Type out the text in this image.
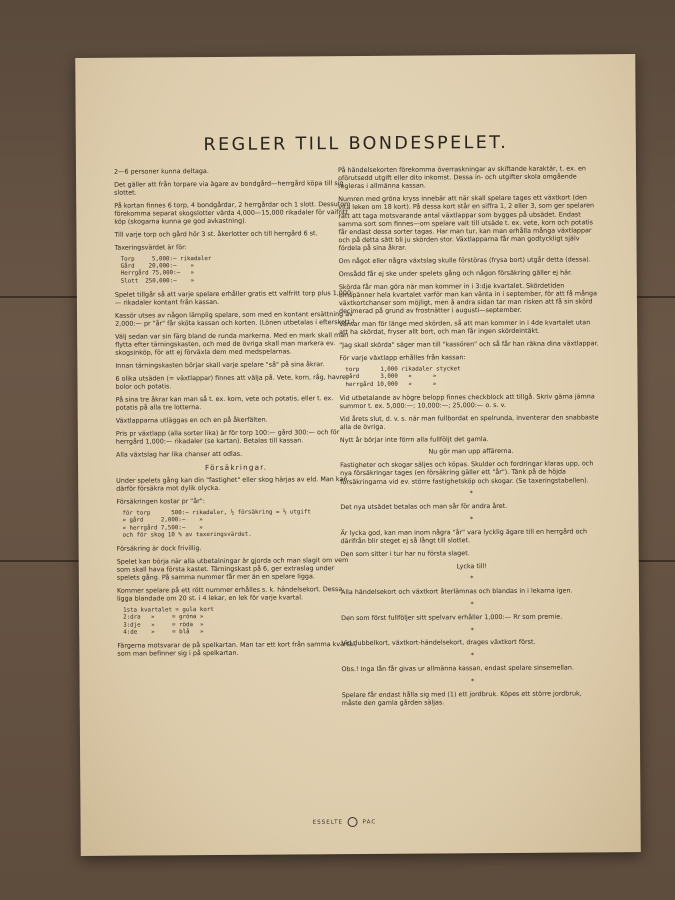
REGLER TILL BONDESPELET.

2—6 personer kunna deltaga.

Det gäller att från torpare via ägare av bondgård—herrgård köpa till sig slottet.

På kortan finnes 6 torp, 4 bondgårdar, 2 herrgårdar och 1 slott. Dessutom förekomma separat skogslotter värda 4,000—15,000 rikadaler för vaifritt köp (skogarna kunna ge god avkastning).

Till varje torp och gård hör 3 st. åkerlotter och till herrgård 6 st.

Taxeringsvärdet är för:

Torp     5,000:— rikadaler
Gård    20,000:—    »
Herrgård 75,000:—   »
Slott  250,000:—    »

Spelet tillgår så att varje spelare erhåller gratis ett valfritt torp plus 1,000:— rikadaler kontant från kassan.

Kassör utses av någon lämplig spelare, som med en kontant ersättning av 2,000:— pr "år" får sköta kassan och korten. (Lönen utbetalas i efterskott.)

Välj sedan var sin färg bland de runda markerna. Med en mark skall man flytta efter tärningskasten, och med de övriga skall man markera ev. skogsinköp, för att ej förväxla dem med medspelarnas.

Innan tärningskasten börjar skall varje spelare "så" på sina åkrar.

6 olika utsäden (= växtlappar) finnes att välja på. Vete, korn, råg, havre, bolor och potatis.

På sina tre åkrar kan man så t. ex. korn, vete och potatis, eller t. ex. potatis på alla tre lotterna.

Växtlapparna utläggas en och en på åkerfälten.

Pris pr växtlapp (alla sorter lika) är för torp 100:— gård 300:— och för herrgård 1,000:— rikadaler (se kartan). Betalas till kassan.

Alla växtslag har lika chanser att odlas.

Försäkringar.

Under spelets gång kan din "fastighet" eller skog härjas av eld. Man kan därför försäkra mot dylik olycka.

Försäkringen kostar pr "år":

för torp      500:— rikadaler, ½ försäkring = ⅓ utgift
» gård     2,000:—    »
» herrgård 7,500:—    »
och för skog 10 % av taxeringsvärdet.

Försäkring är dock frivillig.

Spelet kan börja när alla utbetalningar är gjorda och man slagit om vem som skall hava första kastet. Tärningskast på 6, ger extraslag under spelets gång. På samma nummer får mer än en spelare ligga.

Kommer spelare på ett rött nummer erhålles s. k. händelsekort. Dessa ligga blandade om 20 st. i 4 lekar, en lek för varje kvartal.

1sta kvartalet = gula kort
2:dra   »     = gröna »
3:dje   »     = röda  »
4:de    »     = blå   »

Färgerna motsvarar de på spelkartan. Man tar ett kort från samma kvartal, som man befinner sig i på spelkartan.

På händelsekorten förekomma överraskningar av skiftande karaktär, t. ex. en oförutsedd utgift eller dito inkomst. Dessa in- och utgifter skola omgående regleras i allmänna kassan.

Numren med gröna kryss innebär att när skall spelare tages ett växtkort (den vita leken om 18 kort). På dessa kort står en siffra 1, 2 eller 3, som ger spelaren rätt att taga motsvarande antal växtlappar som bygges på ubsädet. Endast samma sort som finnes—om spelare valt till utsäde t. ex. vete, korn och potatis får endast dessa sorter tagas. Har man tur, kan man erhålla många växtlappar och på detta sätt bli ju skörden stor. Växtlapparna får man godtyckligt själv fördela på sina åkrar.

Om något eller några växtslag skulle förstöras (frysa bort) utgår detta (dessa).

Omsådd får ej ske under spelets gång och någon försäkring gäller ej här.

Skörda får man göra när man kommer in i 3:dje kvartalet. Skördetiden omspänner hela kvartalet varför man kan vänta in i september, för att få många växtkortchanser som möjligt, men å andra sidan tar man risken att få sin skörd decimerad på grund av frostnätter i augusti—september.

Väntar man för länge med skörden, så att man kommer in i 4de kvartalet utan att ha skördat, fryser allt bort, och man får ingen skördeintäkt.

"Jag skall skörda" säger man till "kassören" och så får han räkna dina växtlappar.

För varje växtlapp erhålles från kassan:

torp      1,000 rikadaler stycket
gård      3,000   »      »
herrgård 10,000   »      »

Vid utbetalande av högre belopp finnes checkblock att tillgå. Skriv gärna jämna summor t. ex. 5,000:—; 10,000:—; 25,000:— o. s. v.

Vid årets slut, d. v. s. när man fullbordat en spelrunda, inventerar den snabbaste alla de övriga.

Nytt år börjar inte förrn alla fullföljt det gamla.

Nu gör man upp affärerna.

Fastigheter och skogar säljes och köpas. Skulder och fordringar klaras upp, och nya försäkringar tages (en försäkring gäller ett "år"). Tänk på de höjda försäkringarna vid ev. större fastighetsköp och skogar. (Se taxeringstabellen).

*

Det nya utsädet betalas och man sår för andra året.

*

Är lycka god, kan man inom några "år" vara lycklig ägare till en herrgård och därifrån blir steget ej så långt till slottet.

Den som sitter i tur har nu första slaget.

Lycka till!

*

Alla händelsekort och växtkort återlämnas och blandas in i lekarna igen.

*

Den som först fullföljer sitt spelvarv erhåller 1,000:— Rr som premie.

*

Vid dubbelkort, växtkort-händelsekort, drages växtkort först.

*

Obs.! Inga lån får givas ur allmänna kassan, endast spelare sinsemellan.

*

Spelare får endast hålla sig med (1) ett jordbruk. Köpes ett större jordbruk, måste den gamla gården säljas.

ESSELTE	PAC
